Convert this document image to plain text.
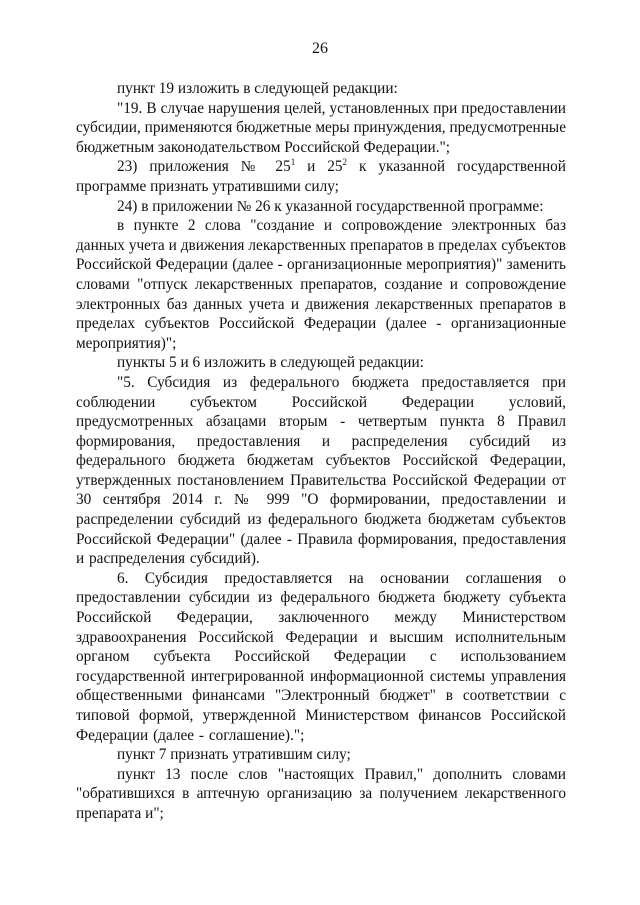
26

пункт 19 изложить в следующей редакции:

"19. В случае нарушения целей, установленных при предоставлении субсидии, применяются бюджетные меры принуждения, предусмотренные бюджетным законодательством Российской Федерации.";

23) приложения № $25^1$ и $25^2$ к указанной государственной программе признать утратившими силу;

24) в приложении № 26 к указанной государственной программе:

в пункте 2 слова "создание и сопровождение электронных баз данных учета и движения лекарственных препаратов в пределах субъектов Российской Федерации (далее - организационные мероприятия)" заменить словами "отпуск лекарственных препаратов, создание и сопровождение электронных баз данных учета и движения лекарственных препаратов в пределах субъектов Российской Федерации (далее - организационные мероприятия)";

пункты 5 и 6 изложить в следующей редакции:

"5. Субсидия из федерального бюджета предоставляется при соблюдении субъектом Российской Федерации условий, предусмотренных абзацами вторым - четвертым пункта 8 Правил формирования, предоставления и распределения субсидий из федерального бюджета бюджетам субъектов Российской Федерации, утвержденных постановлением Правительства Российской Федерации от 30 сентября 2014 г. № 999 "О формировании, предоставлении и распределении субсидий из федерального бюджета бюджетам субъектов Российской Федерации" (далее - Правила формирования, предоставления и распределения субсидий).

6. Субсидия предоставляется на основании соглашения о предоставлении субсидии из федерального бюджета бюджету субъекта Российской Федерации, заключенного между Министерством здравоохранения Российской Федерации и высшим исполнительным органом субъекта Российской Федерации с использованием государственной интегрированной информационной системы управления общественными финансами "Электронный бюджет" в соответствии с типовой формой, утвержденной Министерством финансов Российской Федерации (далее - соглашение).";

пункт 7 признать утратившим силу;

пункт 13 после слов "настоящих Правил," дополнить словами "обратившихся в аптечную организацию за получением лекарственного препарата и";
